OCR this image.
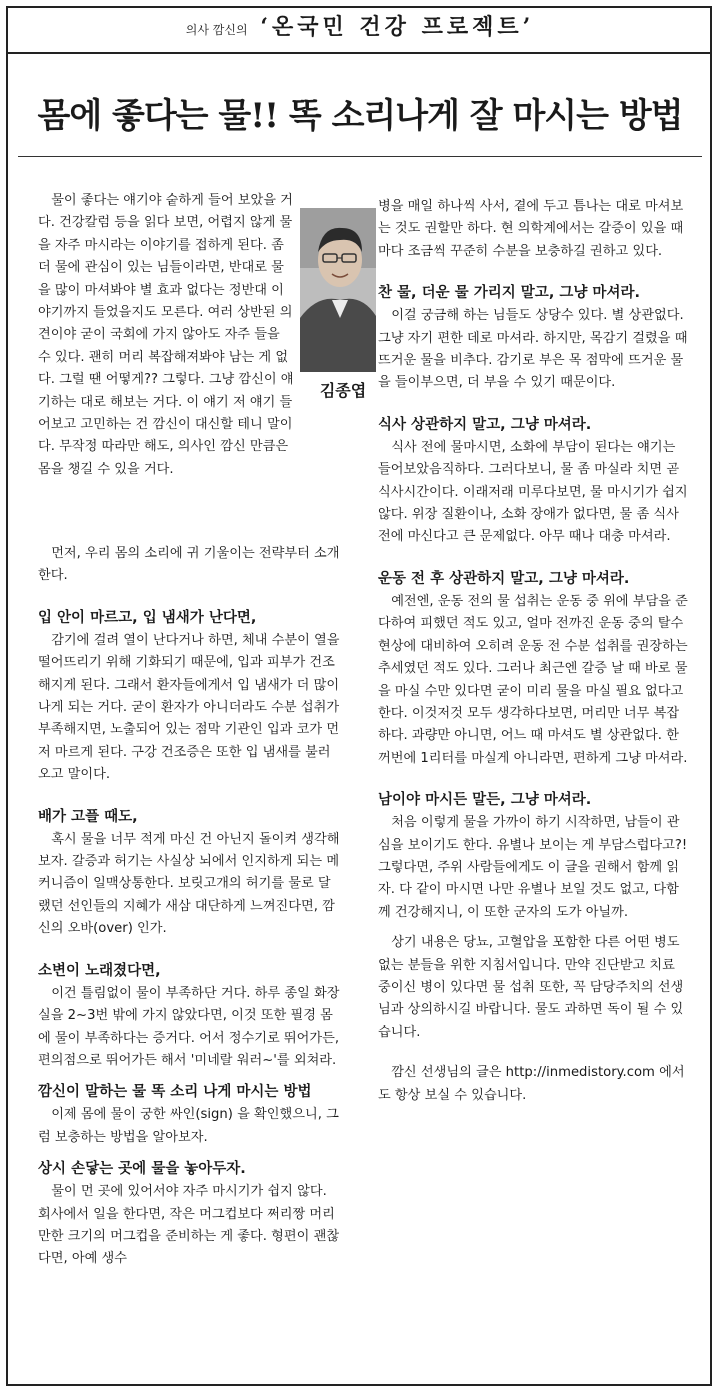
의사 깜신의 ‘온국민 건강 프로젝트’
몸에 좋다는 물!! 똑 소리나게 잘 마시는 방법
김종엽

물이 좋다는 얘기야 숱하게 들어 보았을 거다. 건강칼럼 등을 읽다 보면, 어렵지 않게 물을 자주 마시라는 이야기를 접하게 된다. 좀 더 물에 관심이 있는 님들이라면, 반대로 물을 많이 마셔봐야 별 효과 없다는 정반대 이야기까지 들었을지도 모른다. 여러 상반된 의견이야 굳이 국회에 가지 않아도 자주 들을 수 있다. 괜히 머리 복잡해져봐야 남는 게 없다. 그럴 땐 어떻게?? 그렇다. 그냥 깜신이 얘기하는 대로 해보는 거다. 이 얘기 저 얘기 들어보고 고민하는 건 깜신이 대신할 테니 말이다. 무작정 따라만 해도, 의사인 깜신 만큼은 몸을 챙길 수 있을 거다.

먼저, 우리 몸의 소리에 귀 기울이는 전략부터 소개한다.

입 안이 마르고, 입 냄새가 난다면,

감기에 걸려 열이 난다거나 하면, 체내 수분이 열을 떨어뜨리기 위해 기화되기 때문에, 입과 피부가 건조해지게 된다. 그래서 환자들에게서 입 냄새가 더 많이 나게 되는 거다. 굳이 환자가 아니더라도 수분 섭취가 부족해지면, 노출되어 있는 점막 기관인 입과 코가 먼저 마르게 된다. 구강 건조증은 또한 입 냄새를 불러오고 말이다.

배가 고플 때도,

혹시 물을 너무 적게 마신 건 아닌지 돌이켜 생각해보자. 갈증과 허기는 사실상 뇌에서 인지하게 되는 메커니즘이 일맥상통한다. 보릿고개의 허기를 물로 달랬던 선인들의 지혜가 새삼 대단하게 느껴진다면, 깜신의 오바(over) 인가.

소변이 노래졌다면,

이건 틀림없이 물이 부족하단 거다. 하루 종일 화장실을 2~3번 밖에 가지 않았다면, 이것 또한 필경 몸에 물이 부족하다는 증거다. 어서 정수기로 뛰어가든, 편의점으로 뛰어가든 해서 '미네랄 워러~'를 외쳐라.

깜신이 말하는 물 똑 소리 나게 마시는 방법

이제 몸에 물이 궁한 싸인(sign) 을 확인했으니, 그럼 보충하는 방법을 알아보자.

상시 손닿는 곳에 물을 놓아두자.

물이 먼 곳에 있어서야 자주 마시기가 쉽지 않다. 회사에서 일을 한다면, 작은 머그컵보다 쩌리짱 머리만한 크기의 머그컵을 준비하는 게 좋다. 형편이 괜찮다면, 아예 생수

병을 매일 하나씩 사서, 곁에 두고 틈나는 대로 마셔보는 것도 권할만 하다. 현 의학계에서는 갈증이 있을 때마다 조금씩 꾸준히 수분을 보충하길 권하고 있다.

찬 물, 더운 물 가리지 말고, 그냥 마셔라.

이걸 궁금해 하는 님들도 상당수 있다. 별 상관없다. 그냥 자기 편한 데로 마셔라. 하지만, 목감기 걸렸을 때 뜨거운 물을 비추다. 감기로 부은 목 점막에 뜨거운 물을 들이부으면, 더 부을 수 있기 때문이다.

식사 상관하지 말고, 그냥 마셔라.

식사 전에 물마시면, 소화에 부담이 된다는 얘기는 들어보았음직하다. 그러다보니, 물 좀 마실라 치면 곧 식사시간이다. 이래저래 미루다보면, 물 마시기가 쉽지 않다. 위장 질환이나, 소화 장애가 없다면, 물 좀 식사 전에 마신다고 큰 문제없다. 아무 때나 대충 마셔라.

운동 전 후 상관하지 말고, 그냥 마셔라.

예전엔, 운동 전의 물 섭취는 운동 중 위에 부담을 준다하여 피했던 적도 있고, 얼마 전까진 운동 중의 탈수현상에 대비하여 오히려 운동 전 수분 섭취를 권장하는 추세였던 적도 있다. 그러나 최근엔 갈증 날 때 바로 물을 마실 수만 있다면 굳이 미리 물을 마실 필요 없다고 한다. 이것저것 모두 생각하다보면, 머리만 너무 복잡하다. 과량만 아니면, 어느 때 마셔도 별 상관없다. 한꺼번에 1리터를 마실게 아니라면, 편하게 그냥 마셔라.

남이야 마시든 말든, 그냥 마셔라.

처음 이렇게 물을 가까이 하기 시작하면, 남들이 관심을 보이기도 한다. 유별나 보이는 게 부담스럽다고?! 그렇다면, 주위 사람들에게도 이 글을 권해서 함께 읽자. 다 같이 마시면 나만 유별나 보일 것도 없고, 다함께 건강해지니, 이 또한 군자의 도가 아닐까.

상기 내용은 당뇨, 고혈압을 포함한 다른 어떤 병도 없는 분들을 위한 지침서입니다. 만약 진단받고 치료 중이신 병이 있다면 물 섭취 또한, 꼭 담당주치의 선생님과 상의하시길 바랍니다. 물도 과하면 독이 될 수 있습니다.

깜신 선생님의 글은 http://inmedistory.com 에서도 항상 보실 수 있습니다.
